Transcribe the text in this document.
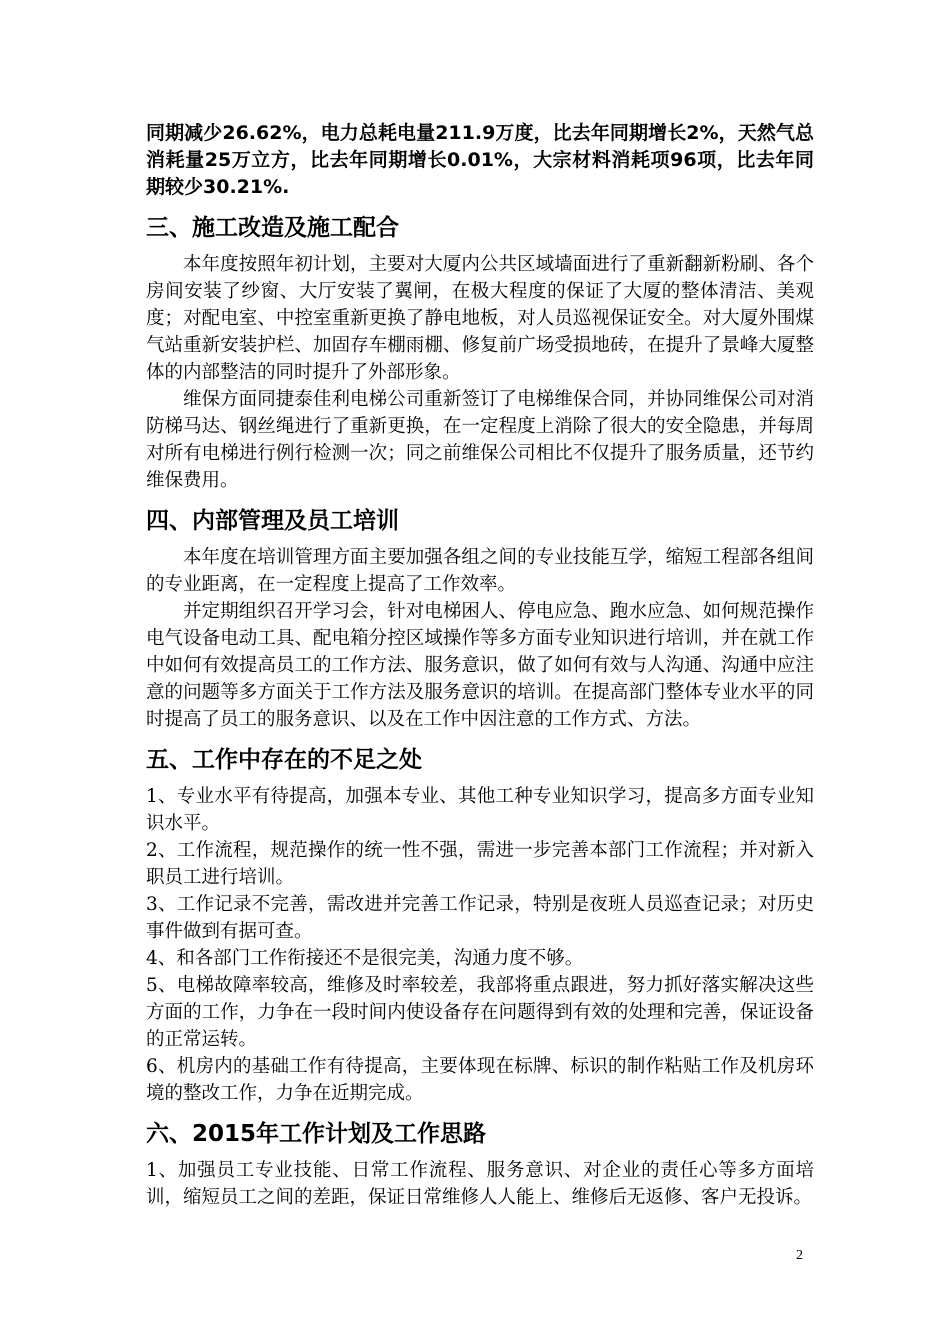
同期减少26.62%，电力总耗电量211.9万度，比去年同期增长2%，天然气总消耗量25万立方，比去年同期增长0.01%，大宗材料消耗项96项，比去年同期较少30.21%.

三、施工改造及施工配合

本年度按照年初计划，主要对大厦内公共区域墙面进行了重新翻新粉刷、各个房间安装了纱窗、大厅安装了翼闸，在极大程度的保证了大厦的整体清洁、美观度；对配电室、中控室重新更换了静电地板，对人员巡视保证安全。对大厦外围煤气站重新安装护栏、加固存车棚雨棚、修复前广场受损地砖，在提升了景峰大厦整体的内部整洁的同时提升了外部形象。

维保方面同捷泰佳利电梯公司重新签订了电梯维保合同，并协同维保公司对消防梯马达、钢丝绳进行了重新更换，在一定程度上消除了很大的安全隐患，并每周对所有电梯进行例行检测一次；同之前维保公司相比不仅提升了服务质量，还节约维保费用。

四、内部管理及员工培训

本年度在培训管理方面主要加强各组之间的专业技能互学，缩短工程部各组间的专业距离，在一定程度上提高了工作效率。

并定期组织召开学习会，针对电梯困人、停电应急、跑水应急、如何规范操作电气设备电动工具、配电箱分控区域操作等多方面专业知识进行培训，并在就工作中如何有效提高员工的工作方法、服务意识，做了如何有效与人沟通、沟通中应注意的问题等多方面关于工作方法及服务意识的培训。在提高部门整体专业水平的同时提高了员工的服务意识、以及在工作中因注意的工作方式、方法。

五、工作中存在的不足之处

1、专业水平有待提高，加强本专业、其他工种专业知识学习，提高多方面专业知识水平。

2、工作流程，规范操作的统一性不强，需进一步完善本部门工作流程；并对新入职员工进行培训。

3、工作记录不完善，需改进并完善工作记录，特别是夜班人员巡查记录；对历史事件做到有据可查。

4、和各部门工作衔接还不是很完美，沟通力度不够。

5、电梯故障率较高，维修及时率较差，我部将重点跟进，努力抓好落实解决这些方面的工作，力争在一段时间内使设备存在问题得到有效的处理和完善，保证设备的正常运转。

6、机房内的基础工作有待提高，主要体现在标牌、标识的制作粘贴工作及机房环境的整改工作，力争在近期完成。

六、2015年工作计划及工作思路

1、加强员工专业技能、日常工作流程、服务意识、对企业的责任心等多方面培训，缩短员工之间的差距，保证日常维修人人能上、维修后无返修、客户无投诉。

2
